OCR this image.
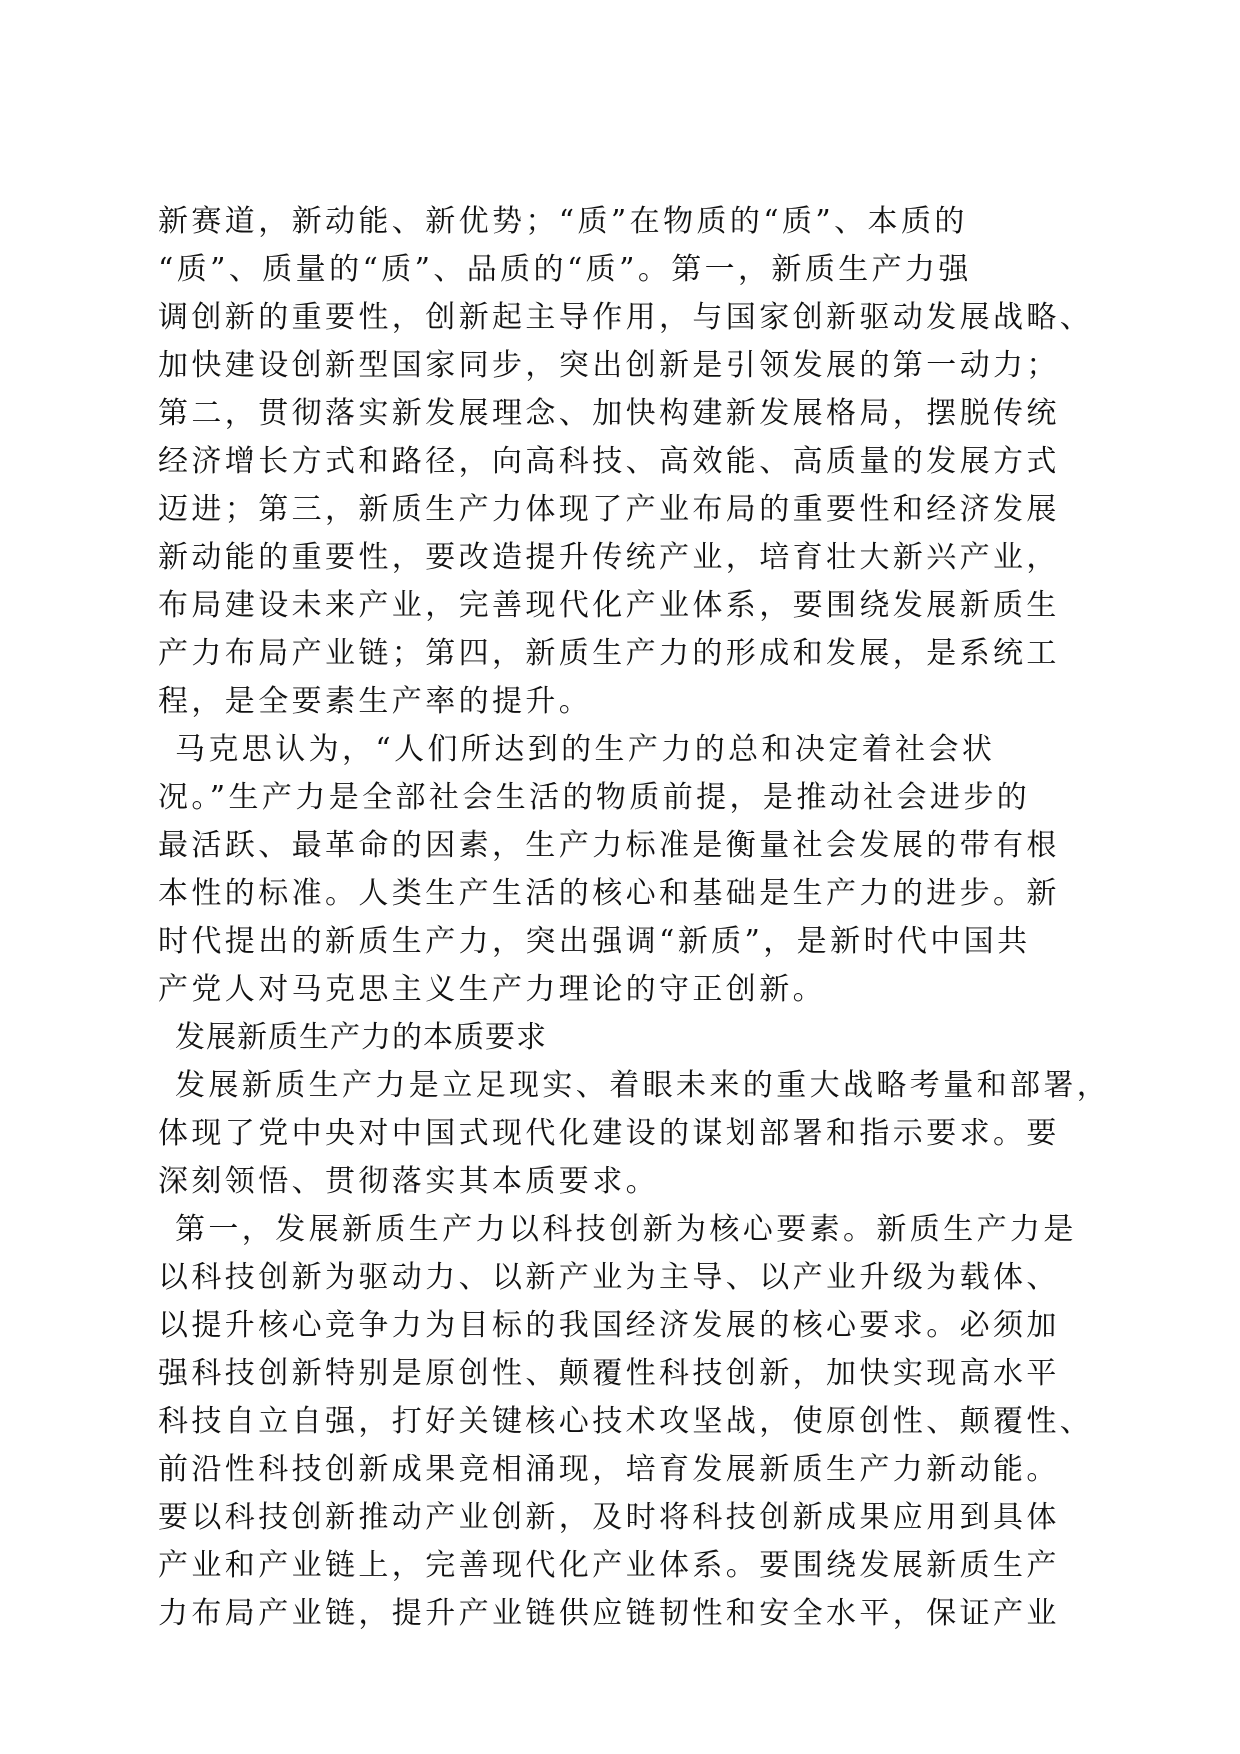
新赛道，新动能、新优势；“质”在物质的“质”、本质的
“质”、质量的“质”、品质的“质”。第一，新质生产力强
调创新的重要性，创新起主导作用，与国家创新驱动发展战略、
加快建设创新型国家同步，突出创新是引领发展的第一动力；
第二，贯彻落实新发展理念、加快构建新发展格局，摆脱传统
经济增长方式和路径，向高科技、高效能、高质量的发展方式
迈进；第三，新质生产力体现了产业布局的重要性和经济发展
新动能的重要性，要改造提升传统产业，培育壮大新兴产业，
布局建设未来产业，完善现代化产业体系，要围绕发展新质生
产力布局产业链；第四，新质生产力的形成和发展，是系统工
程，是全要素生产率的提升。
马克思认为，“人们所达到的生产力的总和决定着社会状
况。”生产力是全部社会生活的物质前提，是推动社会进步的
最活跃、最革命的因素，生产力标准是衡量社会发展的带有根
本性的标准。人类生产生活的核心和基础是生产力的进步。新
时代提出的新质生产力，突出强调“新质”，是新时代中国共
产党人对马克思主义生产力理论的守正创新。
发展新质生产力的本质要求
发展新质生产力是立足现实、着眼未来的重大战略考量和部署，
体现了党中央对中国式现代化建设的谋划部署和指示要求。要
深刻领悟、贯彻落实其本质要求。
第一，发展新质生产力以科技创新为核心要素。新质生产力是
以科技创新为驱动力、以新产业为主导、以产业升级为载体、
以提升核心竞争力为目标的我国经济发展的核心要求。必须加
强科技创新特别是原创性、颠覆性科技创新，加快实现高水平
科技自立自强，打好关键核心技术攻坚战，使原创性、颠覆性、
前沿性科技创新成果竞相涌现，培育发展新质生产力新动能。
要以科技创新推动产业创新，及时将科技创新成果应用到具体
产业和产业链上，完善现代化产业体系。要围绕发展新质生产
力布局产业链，提升产业链供应链韧性和安全水平，保证产业
